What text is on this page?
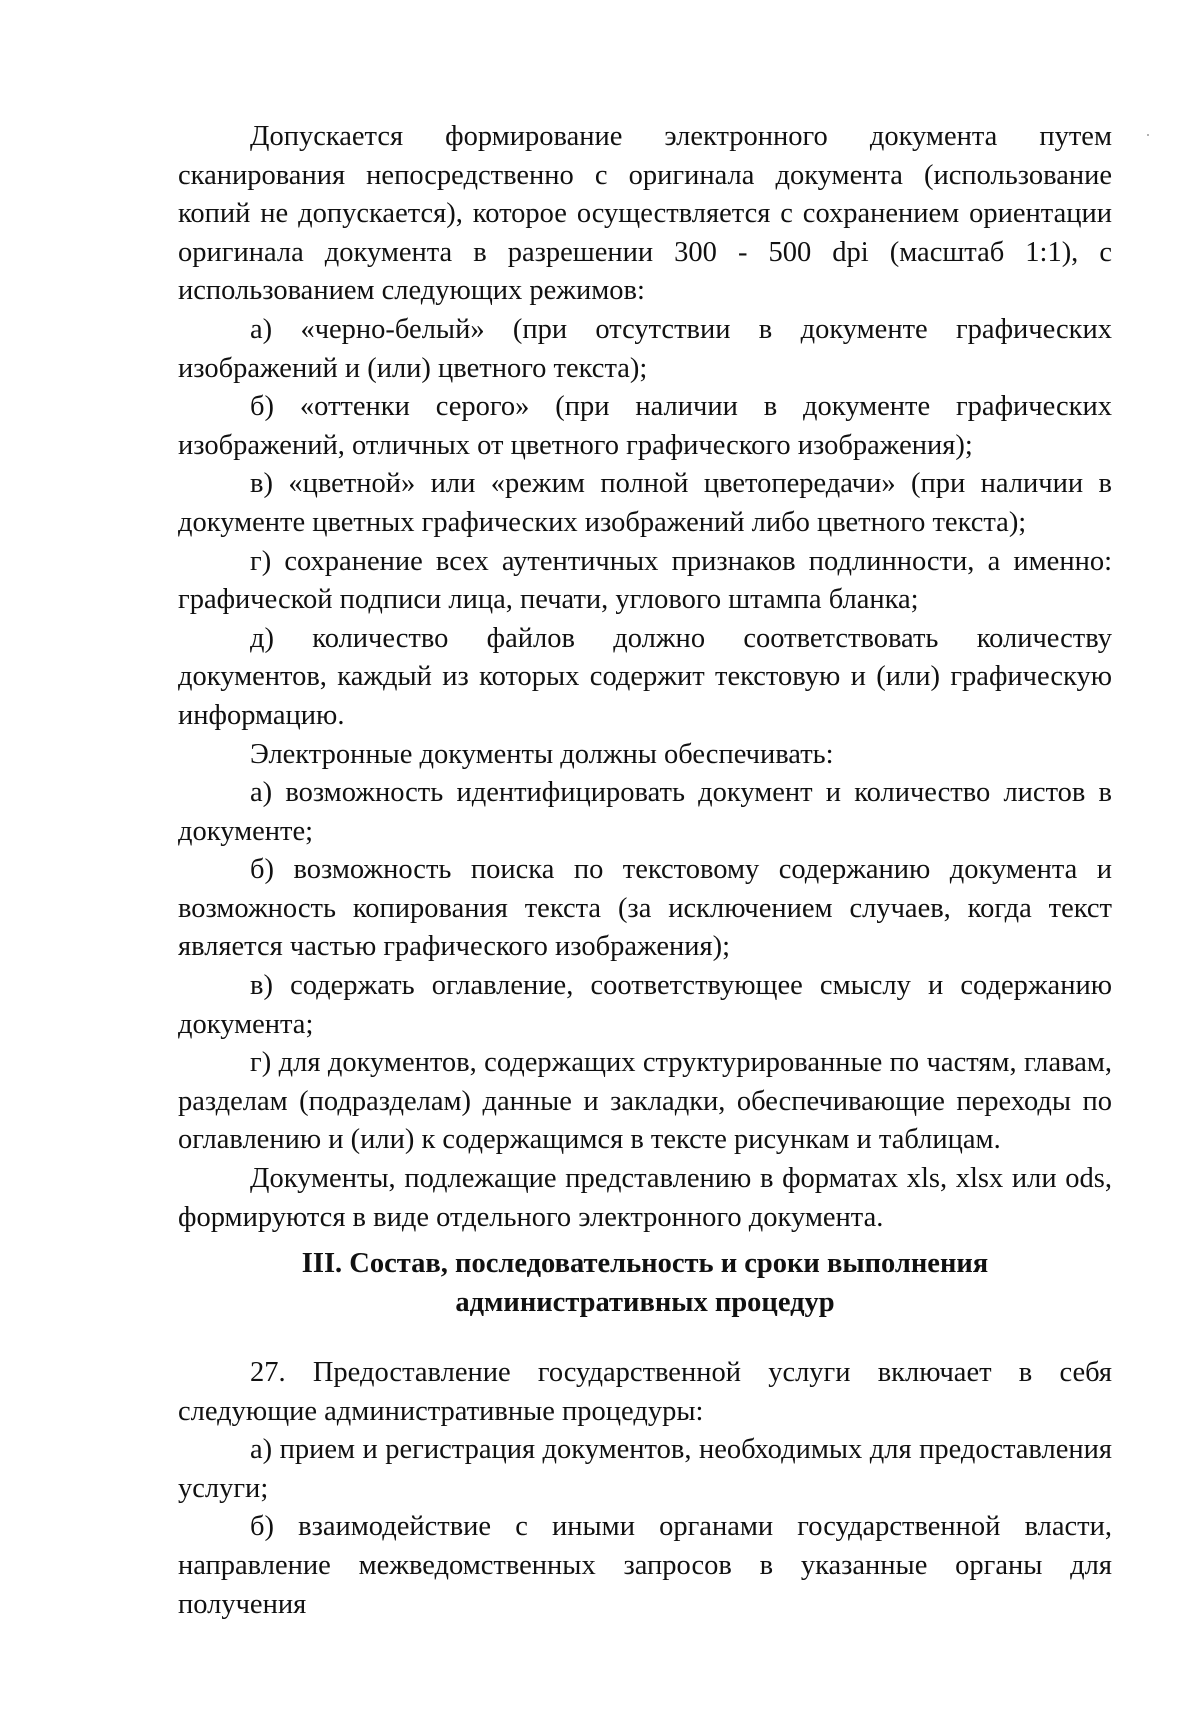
Допускается формирование электронного документа путем сканирования непосредственно с оригинала документа (использование копий не допускается), которое осуществляется с сохранением ориентации оригинала документа в разрешении 300 - 500 dpi (масштаб 1:1), с использованием следующих режимов:

а) «черно-белый» (при отсутствии в документе графических изображений и (или) цветного текста);

б) «оттенки серого» (при наличии в документе графических изображений, отличных от цветного графического изображения);

в) «цветной» или «режим полной цветопередачи» (при наличии в документе цветных графических изображений либо цветного текста);

г) сохранение всех аутентичных признаков подлинности, а именно: графической подписи лица, печати, углового штампа бланка;

д) количество файлов должно соответствовать количеству документов, каждый из которых содержит текстовую и (или) графическую информацию.

Электронные документы должны обеспечивать:

а) возможность идентифицировать документ и количество листов в документе;

б) возможность поиска по текстовому содержанию документа и возможность копирования текста (за исключением случаев, когда текст является частью графического изображения);

в) содержать оглавление, соответствующее смыслу и содержанию документа;

г) для документов, содержащих структурированные по частям, главам, разделам (подразделам) данные и закладки, обеспечивающие переходы по оглавлению и (или) к содержащимся в тексте рисункам и таблицам.

Документы, подлежащие представлению в форматах xls, xlsx или ods, формируются в виде отдельного электронного документа.

III. Состав, последовательность и сроки выполнения административных процедур

27. Предоставление государственной услуги включает в себя следующие административные процедуры:

а) прием и регистрация документов, необходимых для предоставления услуги;

б) взаимодействие с иными органами государственной власти, направление межведомственных запросов в указанные органы для получения
